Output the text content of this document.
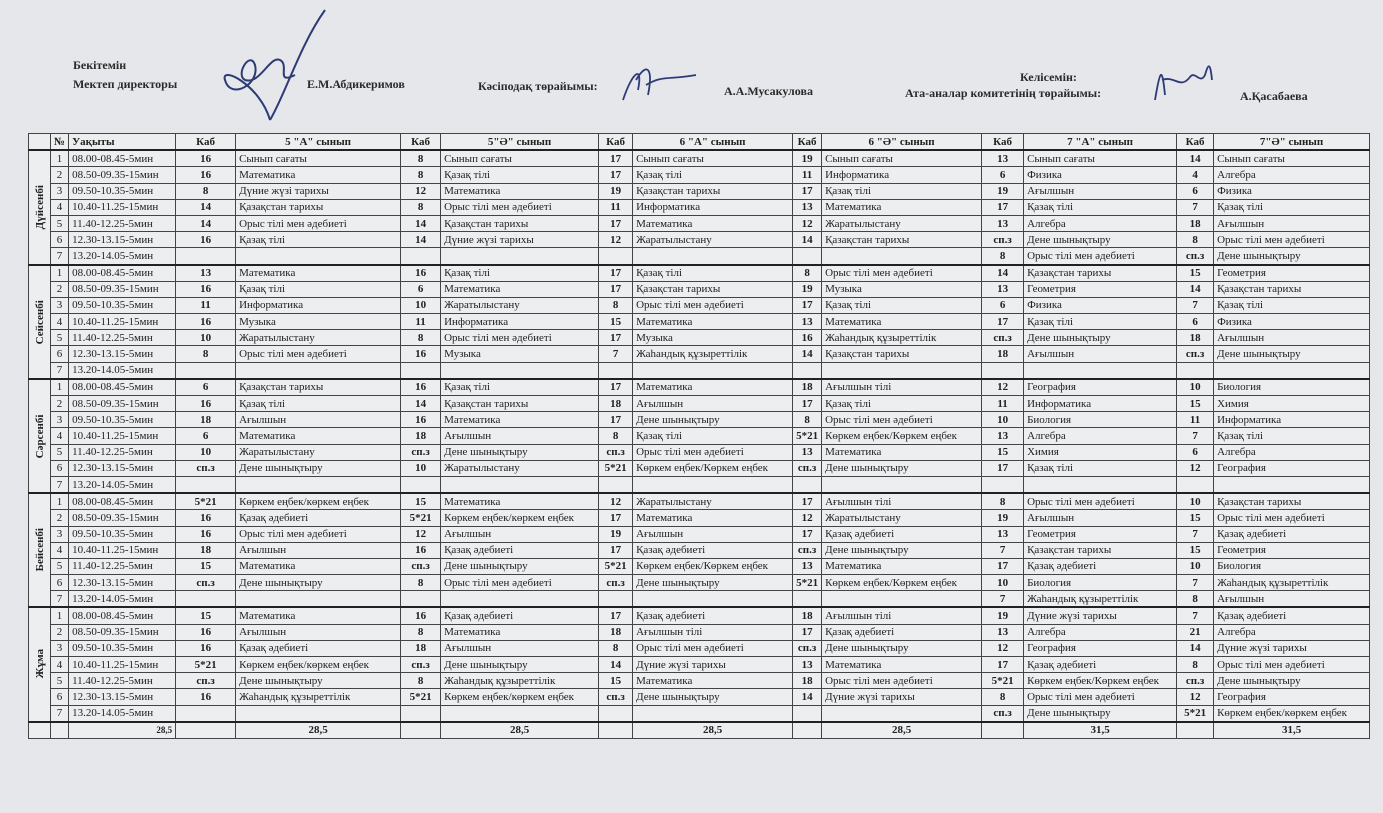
Бекітемін
Мектеп директоры	Е.М.Абдикеримов	Кәсіподақ төрайымы:	А.А.Мусакулова
Келісемін:
Ата-аналар комитетінің төрайымы:	А.Қасабаева
	№	Уақыты	Каб	5 "А" сынып	Каб	5"Ә" сынып	Каб	6 "А" сынып	Каб	6 "Ә" сынып	Каб	7 "А" сынып	Каб	7"Ә" сынып
Дүйсенбі	1	08.00-08.45-5мин	16	Сынып сағаты	8	Сынып сағаты	17	Сынып сағаты	19	Сынып сағаты	13	Сынып сағаты	14	Сынып сағаты
	2	08.50-09.35-15мин	16	Математика	8	Қазақ тілі	17	Қазақ тілі	11	Информатика	6	Физика	4	Алгебра
	3	09.50-10.35-5мин	8	Дүние жүзі тарихы	12	Математика	19	Қазақстан тарихы	17	Қазақ тілі	19	Ағылшын	6	Физика
	4	10.40-11.25-15мин	14	Қазақстан тарихы	8	Орыс тілі мен әдебиеті	11	Информатика	13	Математика	17	Қазақ тілі	7	Қазақ тілі
	5	11.40-12.25-5мин	14	Орыс тілі мен әдебиеті	14	Қазақстан тарихы	17	Математика	12	Жаратылыстану	13	Алгебра	18	Ағылшын
	6	12.30-13.15-5мин	16	Қазақ тілі	14	Дүние жүзі тарихы	12	Жаратылыстану	14	Қазақстан тарихы	сп.з	Дене шынықтыру	8	Орыс тілі мен әдебиеті
	7	13.20-14.05-5мин									8	Орыс тілі мен әдебиеті	сп.з	Дене шынықтыру
Сейсенбі	1	08.00-08.45-5мин	13	Математика	16	Қазақ тілі	17	Қазақ тілі	8	Орыс тілі мен әдебиеті	14	Қазақстан тарихы	15	Геометрия
	2	08.50-09.35-15мин	16	Қазақ тілі	6	Математика	17	Қазақстан тарихы	19	Музыка	13	Геометрия	14	Қазақстан тарихы
	3	09.50-10.35-5мин	11	Информатика	10	Жаратылыстану	8	Орыс тілі мен әдебиеті	17	Қазақ тілі	6	Физика	7	Қазақ тілі
	4	10.40-11.25-15мин	16	Музыка	11	Информатика	15	Математика	13	Математика	17	Қазақ тілі	6	Физика
	5	11.40-12.25-5мин	10	Жаратылыстану	8	Орыс тілі мен әдебиеті	17	Музыка	16	Жаһандық құзыреттілік	сп.з	Дене шынықтыру	18	Ағылшын
	6	12.30-13.15-5мин	8	Орыс тілі мен әдебиеті	16	Музыка	7	Жаһандық құзыреттілік	14	Қазақстан тарихы	18	Ағылшын	сп.з	Дене шынықтыру
	7	13.20-14.05-5мин												
Сәрсенбі	1	08.00-08.45-5мин	6	Қазақстан тарихы	16	Қазақ тілі	17	Математика	18	Ағылшын тілі	12	География	10	Биология
	2	08.50-09.35-15мин	16	Қазақ тілі	14	Қазақстан тарихы	18	Ағылшын	17	Қазақ тілі	11	Информатика	15	Химия
	3	09.50-10.35-5мин	18	Ағылшын	16	Математика	17	Дене шынықтыру	8	Орыс тілі мен әдебиеті	10	Биология	11	Информатика
	4	10.40-11.25-15мин	6	Математика	18	Ағылшын	8	Қазақ тілі	5*21	Көркем еңбек/Көркем еңбек	13	Алгебра	7	Қазақ тілі
	5	11.40-12.25-5мин	10	Жаратылыстану	сп.з	Дене шынықтыру	сп.з	Орыс тілі мен әдебиеті	13	Математика	15	Химия	6	Алгебра
	6	12.30-13.15-5мин	сп.з	Дене шынықтыру	10	Жаратылыстану	5*21	Көркем еңбек/Көркем еңбек	сп.з	Дене шынықтыру	17	Қазақ тілі	12	География
	7	13.20-14.05-5мин												
Бейсенбі	1	08.00-08.45-5мин	5*21	Көркем еңбек/көркем еңбек	15	Математика	12	Жаратылыстану	17	Ағылшын тілі	8	Орыс тілі мен әдебиеті	10	Қазақстан тарихы
	2	08.50-09.35-15мин	16	Қазақ әдебиеті	5*21	Көркем еңбек/көркем еңбек	17	Математика	12	Жаратылыстану	19	Ағылшын	15	Орыс тілі мен әдебиеті
	3	09.50-10.35-5мин	16	Орыс тілі мен әдебиеті	12	Ағылшын	19	Ағылшын	17	Қазақ әдебиеті	13	Геометрия	7	Қазақ әдебиеті
	4	10.40-11.25-15мин	18	Ағылшын	16	Қазақ әдебиеті	17	Қазақ әдебиеті	сп.з	Дене шынықтыру	7	Қазақстан тарихы	15	Геометрия
	5	11.40-12.25-5мин	15	Математика	сп.з	Дене шынықтыру	5*21	Көркем еңбек/Көркем еңбек	13	Математика	17	Қазақ әдебиеті	10	Биология
	6	12.30-13.15-5мин	сп.з	Дене шынықтыру	8	Орыс тілі мен әдебиеті	сп.з	Дене шынықтыру	5*21	Көркем еңбек/Көркем еңбек	10	Биология	7	Жаһандық құзыреттілік
	7	13.20-14.05-5мин									7	Жаһандық құзыреттілік	8	Ағылшын
Жұма	1	08.00-08.45-5мин	15	Математика	16	Қазақ әдебиеті	17	Қазақ әдебиеті	18	Ағылшын тілі	19	Дүние жүзі тарихы	7	Қазақ әдебиеті
	2	08.50-09.35-15мин	16	Ағылшын	8	Математика	18	Ағылшын тілі	17	Қазақ әдебиеті	13	Алгебра	21	Алгебра
	3	09.50-10.35-5мин	16	Қазақ әдебиеті	18	Ағылшын	8	Орыс тілі мен әдебиеті	сп.з	Дене шынықтыру	12	География	14	Дүние жүзі тарихы
	4	10.40-11.25-15мин	5*21	Көркем еңбек/көркем еңбек	сп.з	Дене шынықтыру	14	Дүние жүзі тарихы	13	Математика	17	Қазақ әдебиеті	8	Орыс тілі мен әдебиеті
	5	11.40-12.25-5мин	сп.з	Дене шынықтыру	8	Жаһандық құзыреттілік	15	Математика	18	Орыс тілі мен әдебиеті	5*21	Көркем еңбек/Көркем еңбек	сп.з	Дене шынықтыру
	6	12.30-13.15-5мин	16	Жаһандық құзыреттілік	5*21	Көркем еңбек/көркем еңбек	сп.з	Дене шынықтыру	14	Дүние жүзі тарихы	8	Орыс тілі мен әдебиеті	12	География
	7	13.20-14.05-5мин									сп.з	Дене шынықтыру	5*21	Көркем еңбек/көркем еңбек
		28,5		28,5		28,5		28,5		28,5		31,5		31,5
